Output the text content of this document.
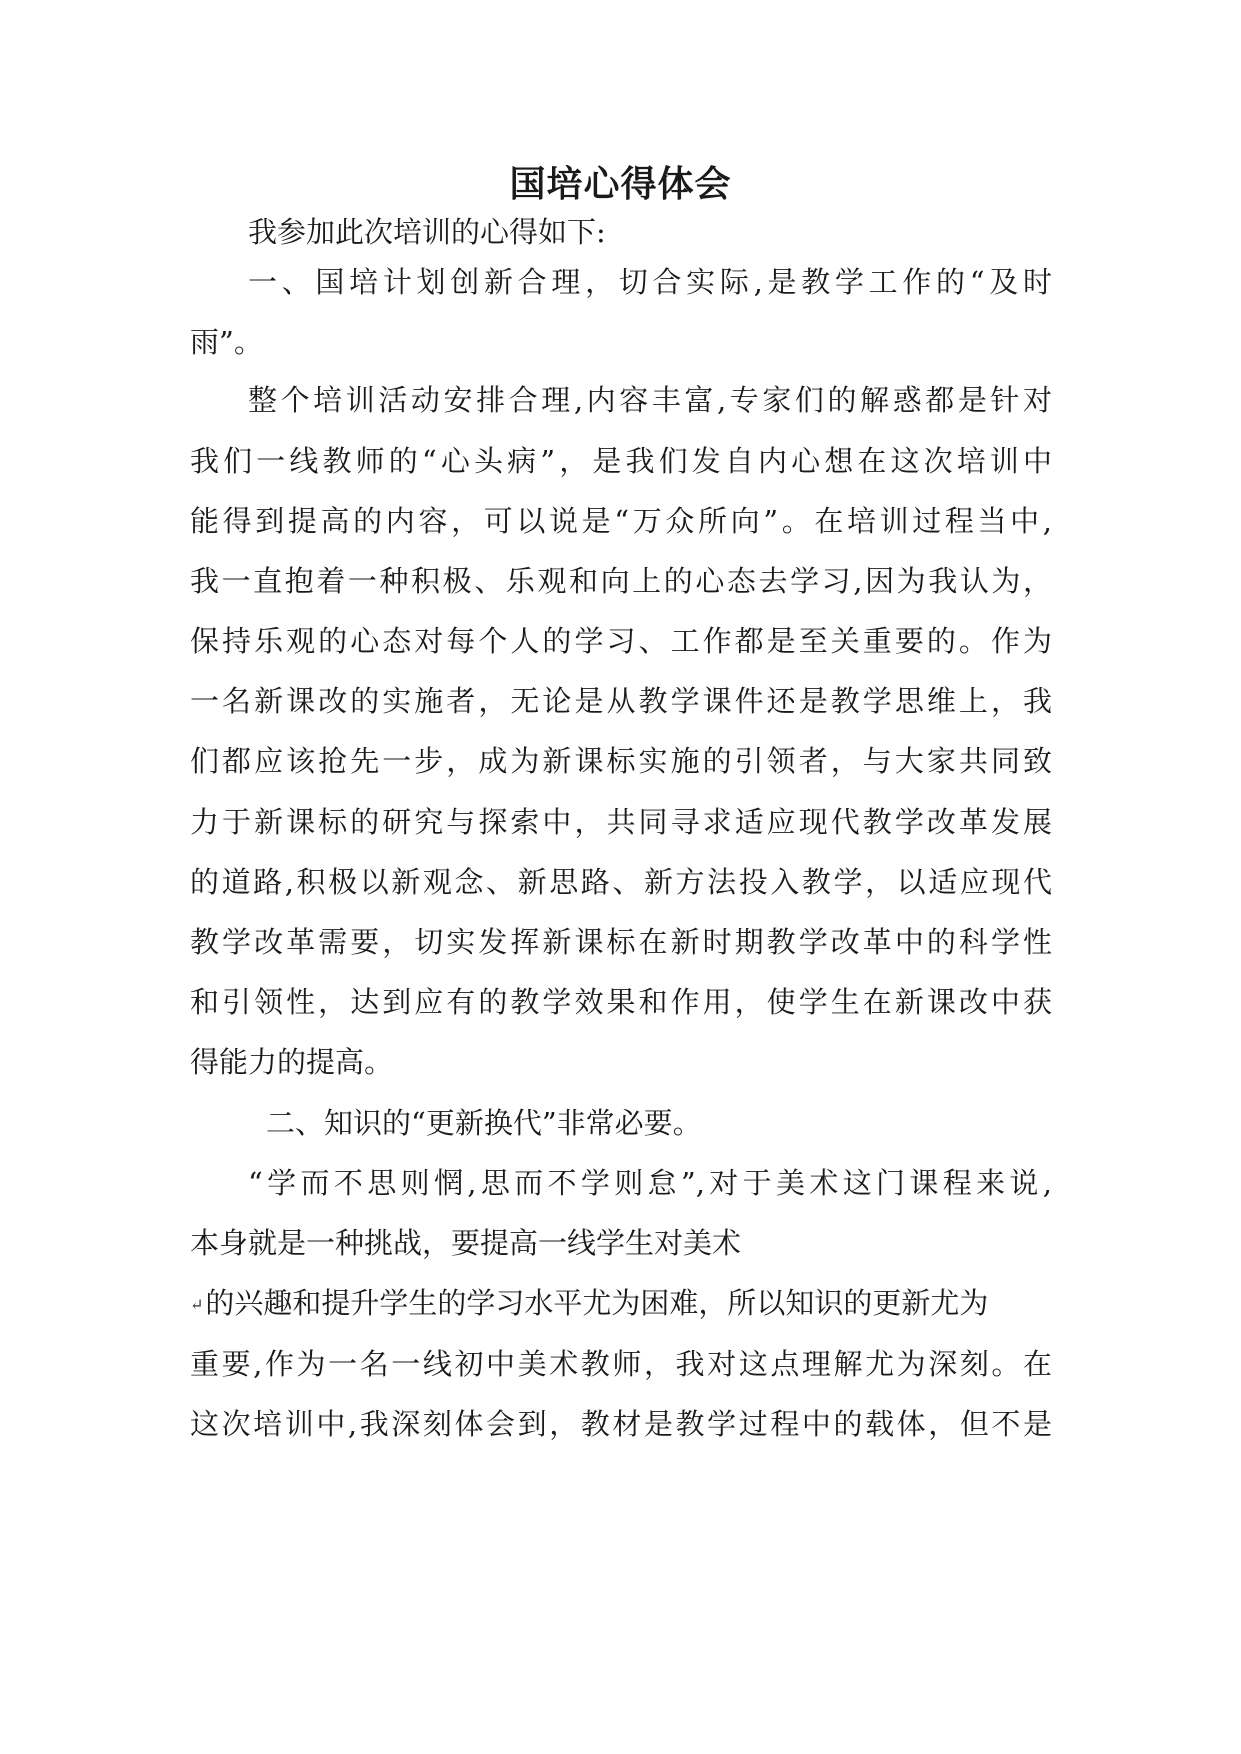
国培心得体会
我参加此次培训的心得如下:
一、国培计划创新合理，切合实际,是教学工作的“及时
雨”。
整个培训活动安排合理,内容丰富,专家们的解惑都是针对
我们一线教师的“心头病”，是我们发自内心想在这次培训中
能得到提高的内容，可以说是“万众所向”。在培训过程当中,
我一直抱着一种积极、乐观和向上的心态去学习,因为我认为，
保持乐观的心态对每个人的学习、工作都是至关重要的。作为
一名新课改的实施者，无论是从教学课件还是教学思维上，我
们都应该抢先一步，成为新课标实施的引领者，与大家共同致
力于新课标的研究与探索中，共同寻求适应现代教学改革发展
的道路,积极以新观念、新思路、新方法投入教学，以适应现代
教学改革需要，切实发挥新课标在新时期教学改革中的科学性
和引领性，达到应有的教学效果和作用，使学生在新课改中获
得能力的提高。
二、知识的“更新换代”非常必要。
“学而不思则惘,思而不学则怠”,对于美术这门课程来说,
本身就是一种挑战，要提高一线学生对美术
↵的兴趣和提升学生的学习水平尤为困难，所以知识的更新尤为
重要,作为一名一线初中美术教师，我对这点理解尤为深刻。在
这次培训中,我深刻体会到，教材是教学过程中的载体，但不是
